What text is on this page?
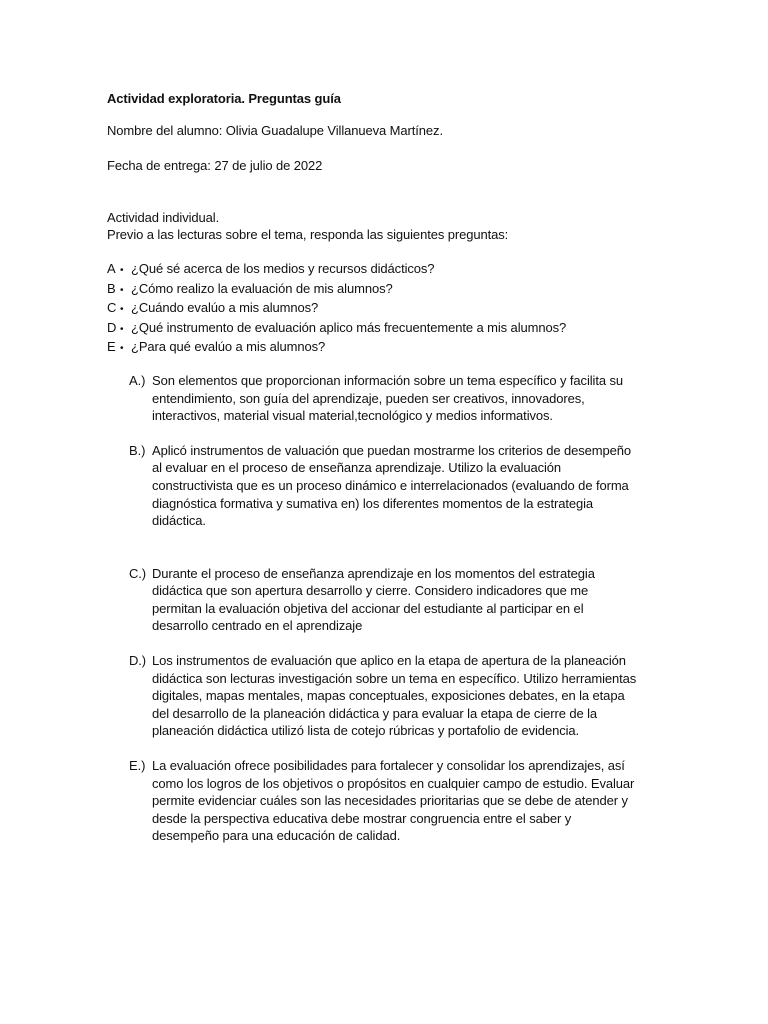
Actividad exploratoria. Preguntas guía

Nombre del alumno: Olivia Guadalupe Villanueva Martínez.

Fecha de entrega: 27 de julio de 2022

Actividad individual.

Previo a las lecturas sobre el tema, responda las siguientes preguntas:

A • ¿Qué sé acerca de los medios y recursos didácticos?
B • ¿Cómo realizo la evaluación de mis alumnos?
C • ¿Cuándo evalúo a mis alumnos?
D • ¿Qué instrumento de evaluación aplico más frecuentemente a mis alumnos?
E • ¿Para qué evalúo a mis alumnos?
A.) Son elementos que proporcionan información sobre un tema específico y facilita su entendimiento, son guía del aprendizaje, pueden ser creativos, innovadores, interactivos, material visual material,tecnológico y medios informativos.
B.) Aplicó instrumentos de valuación que puedan mostrarme los criterios de desempeño al evaluar en el proceso de enseñanza aprendizaje. Utilizo la evaluación constructivista que es un proceso dinámico e interrelacionados (evaluando de forma diagnóstica formativa y sumativa en) los diferentes momentos de la estrategia didáctica.
C.) Durante el proceso de enseñanza aprendizaje en los momentos del estrategia didáctica que son apertura desarrollo y cierre. Considero indicadores que me permitan la evaluación objetiva del accionar del estudiante al participar en el desarrollo centrado en el aprendizaje
D.) Los instrumentos de evaluación que aplico en la etapa de apertura de la planeación didáctica son lecturas investigación sobre un tema en específico. Utilizo herramientas digitales, mapas mentales, mapas conceptuales, exposiciones debates, en la etapa del desarrollo de la planeación didáctica y para evaluar la etapa de cierre de la planeación didáctica utilizó lista de cotejo rúbricas y portafolio de evidencia.
E.) La evaluación ofrece posibilidades para fortalecer y consolidar los aprendizajes, así como los logros de los objetivos o propósitos en cualquier campo de estudio. Evaluar permite evidenciar cuáles son las necesidades prioritarias que se debe de atender y desde la perspectiva educativa debe mostrar congruencia entre el saber y desempeño para una educación de calidad.
